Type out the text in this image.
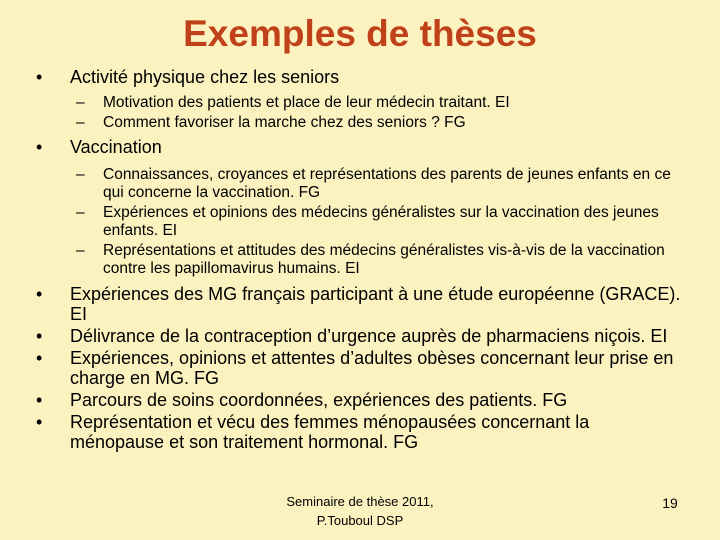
Exemples de thèses
• Activité physique chez les seniors
– Motivation des patients et place de leur médecin traitant. EI
– Comment favoriser la marche chez des seniors ? FG
• Vaccination
– Connaissances, croyances et représentations des parents de jeunes enfants en ce qui concerne la vaccination. FG
– Expériences et opinions des médecins généralistes sur la vaccination des jeunes enfants. EI
– Représentations et attitudes des médecins généralistes vis-à-vis de la vaccination contre les papillomavirus humains. EI
• Expériences des MG français participant à une étude européenne (GRACE). EI
• Délivrance de la contraception d’urgence auprès de pharmaciens niçois. EI
• Expériences, opinions et attentes d’adultes obèses concernant leur prise en charge en MG. FG
• Parcours de soins coordonnées, expériences des patients. FG
• Représentation et vécu des femmes ménopausées concernant la ménopause et son traitement hormonal. FG
Seminaire de thèse 2011,
P.Touboul DSP
19
